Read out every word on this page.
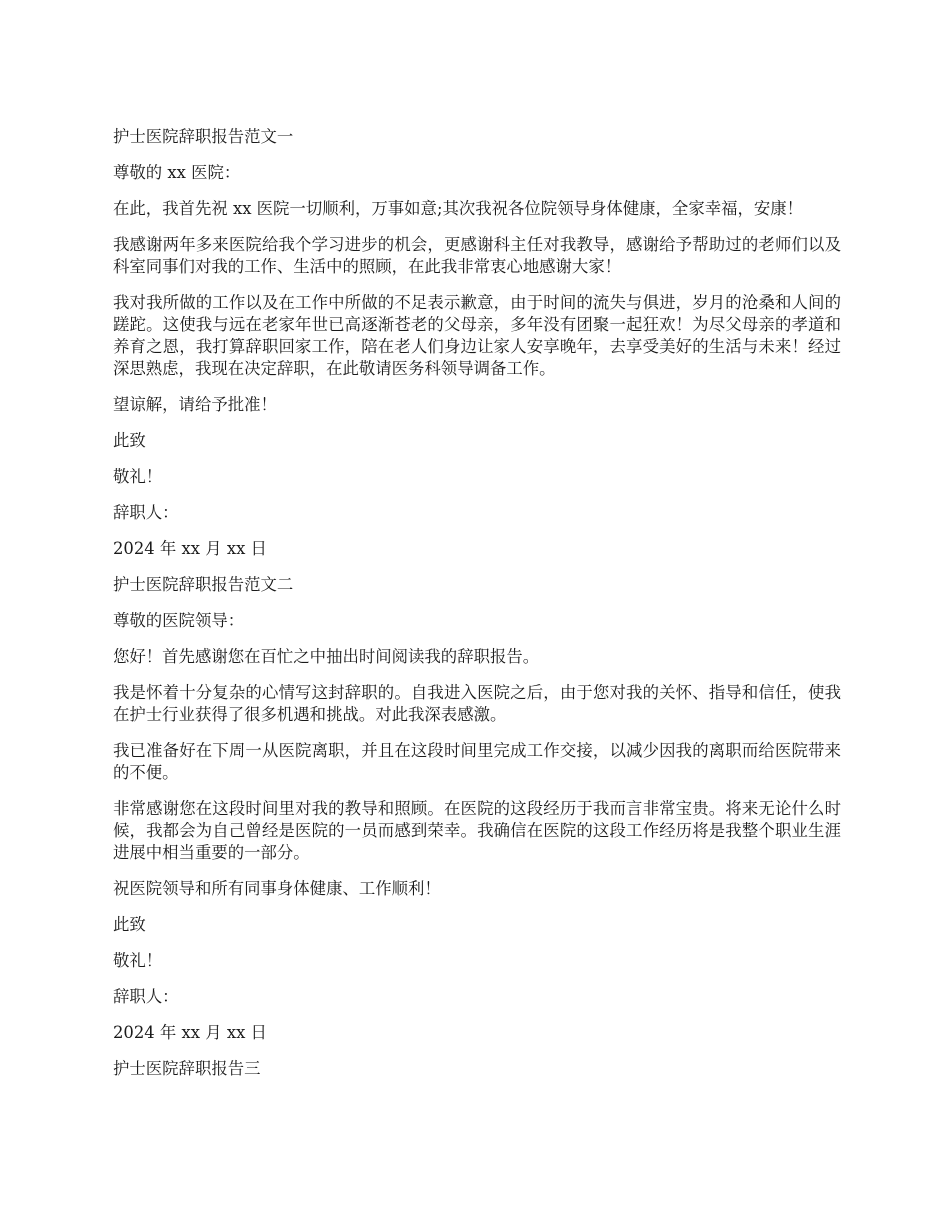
护士医院辞职报告范文一

尊敬的 xx 医院：

在此，我首先祝 xx 医院一切顺利，万事如意;其次我祝各位院领导身体健康，全家幸福，安康！

我感谢两年多来医院给我个学习进步的机会，更感谢科主任对我教导，感谢给予帮助过的老师们以及科室同事们对我的工作、生活中的照顾，在此我非常衷心地感谢大家！

我对我所做的工作以及在工作中所做的不足表示歉意，由于时间的流失与俱进，岁月的沧桑和人间的蹉跎。这使我与远在老家年世已高逐渐苍老的父母亲，多年没有团聚一起狂欢！为尽父母亲的孝道和养育之恩，我打算辞职回家工作，陪在老人们身边让家人安享晚年，去享受美好的生活与未来！经过深思熟虑，我现在决定辞职，在此敬请医务科领导调备工作。

望谅解，请给予批准！

此致

敬礼！

辞职人：

2024 年 xx 月 xx 日

护士医院辞职报告范文二

尊敬的医院领导：

您好！首先感谢您在百忙之中抽出时间阅读我的辞职报告。

我是怀着十分复杂的心情写这封辞职的。自我进入医院之后，由于您对我的关怀、指导和信任，使我在护士行业获得了很多机遇和挑战。对此我深表感激。

我已准备好在下周一从医院离职，并且在这段时间里完成工作交接，以减少因我的离职而给医院带来的不便。

非常感谢您在这段时间里对我的教导和照顾。在医院的这段经历于我而言非常宝贵。将来无论什么时候，我都会为自己曾经是医院的一员而感到荣幸。我确信在医院的这段工作经历将是我整个职业生涯进展中相当重要的一部分。

祝医院领导和所有同事身体健康、工作顺利！

此致

敬礼！

辞职人：

2024 年 xx 月 xx 日

护士医院辞职报告三
